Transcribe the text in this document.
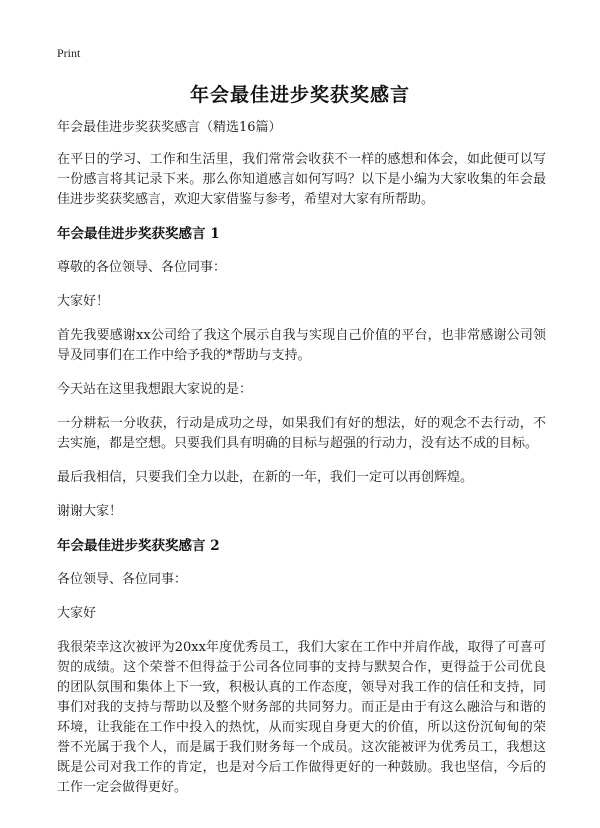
Print
年会最佳进步奖获奖感言

年会最佳进步奖获奖感言（精选16篇）

在平日的学习、工作和生活里，我们常常会收获不一样的感想和体会，如此便可以写一份感言将其记录下来。那么你知道感言如何写吗？以下是小编为大家收集的年会最佳进步奖获奖感言，欢迎大家借鉴与参考，希望对大家有所帮助。

年会最佳进步奖获奖感言 1

尊敬的各位领导、各位同事：

大家好！

首先我要感谢xx公司给了我这个展示自我与实现自己价值的平台，也非常感谢公司领导及同事们在工作中给予我的*帮助与支持。

今天站在这里我想跟大家说的是：

一分耕耘一分收获，行动是成功之母，如果我们有好的想法，好的观念不去行动，不去实施，都是空想。只要我们具有明确的目标与超强的行动力，没有达不成的目标。

最后我相信，只要我们全力以赴，在新的一年，我们一定可以再创辉煌。

谢谢大家！

年会最佳进步奖获奖感言 2

各位领导、各位同事：

大家好

我很荣幸这次被评为20xx年度优秀员工，我们大家在工作中并肩作战，取得了可喜可贺的成绩。这个荣誉不但得益于公司各位同事的支持与默契合作，更得益于公司优良的团队氛围和集体上下一致，积极认真的工作态度，领导对我工作的信任和支持，同事们对我的支持与帮助以及整个财务部的共同努力。而正是由于有这么融洽与和谐的环境，让我能在工作中投入的热忱，从而实现自身更大的价值，所以这份沉甸甸的荣誉不光属于我个人，而是属于我们财务每一个成员。这次能被评为优秀员工，我想这既是公司对我工作的肯定，也是对今后工作做得更好的一种鼓励。我也坚信，今后的工作一定会做得更好。
